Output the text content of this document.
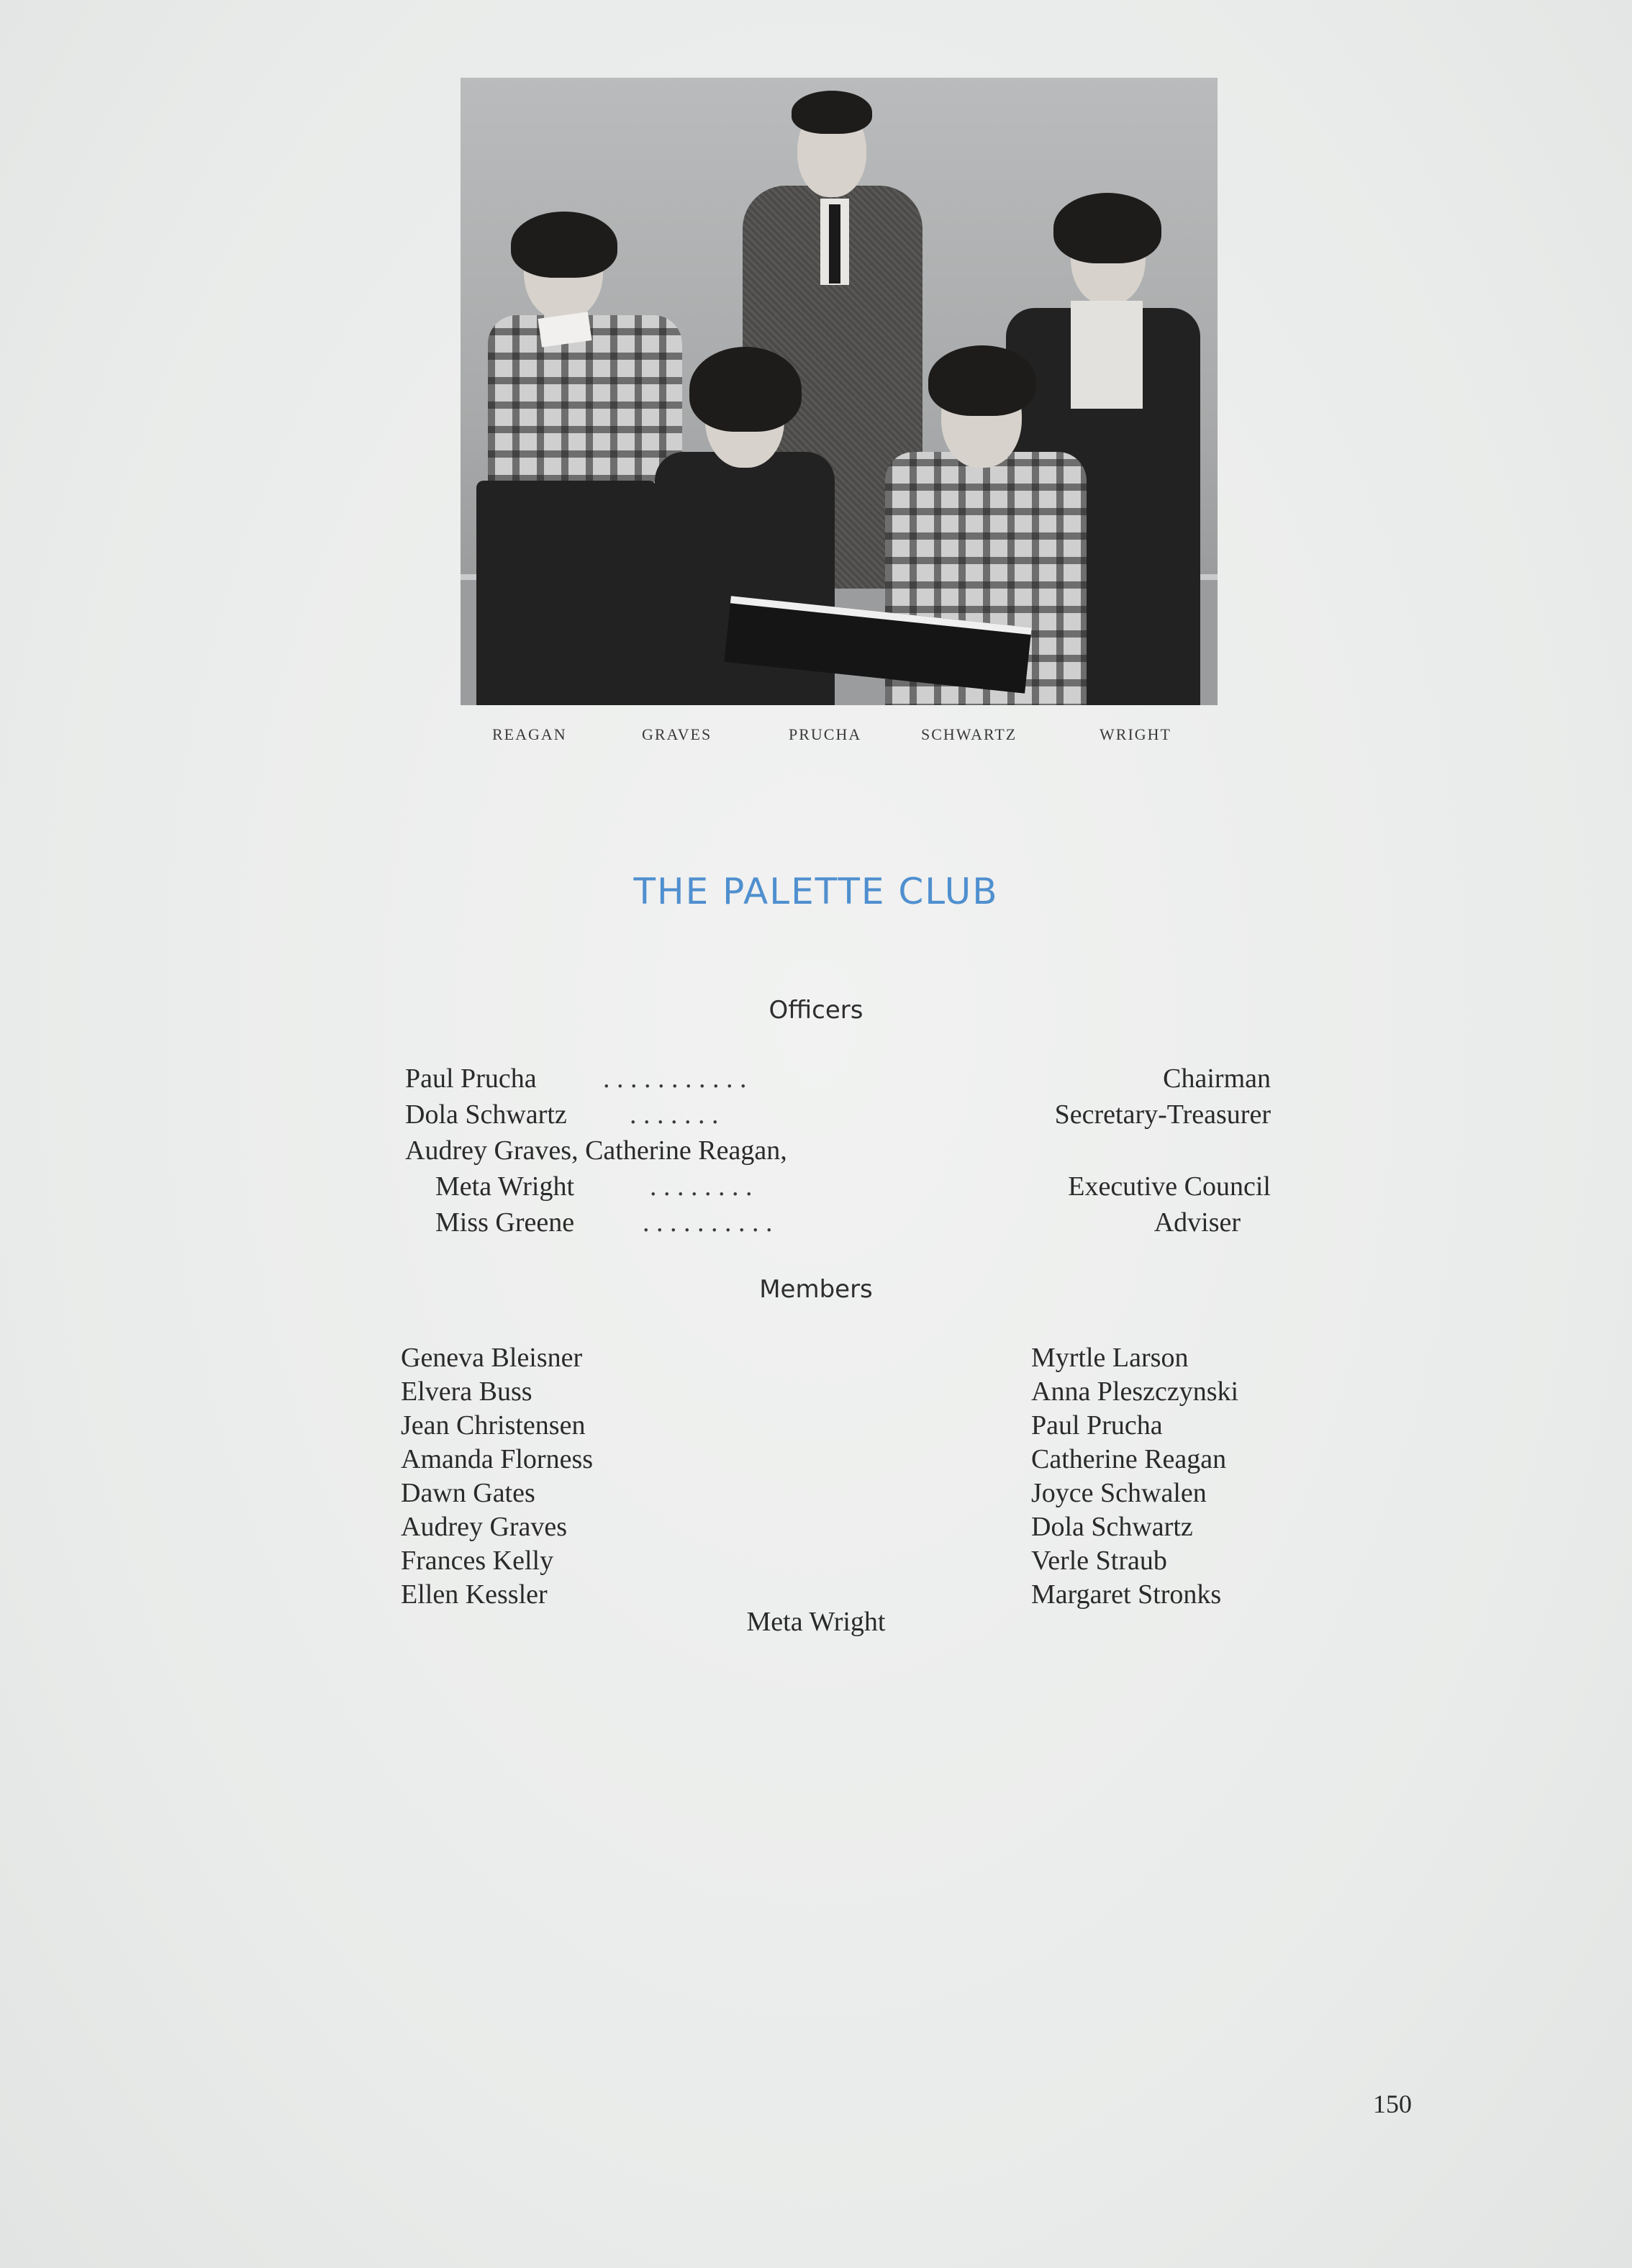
REAGAN	GRAVES	PRUCHA	SCHWARTZ	WRIGHT
THE PALETTE CLUB
Officers
Paul Prucha . . . . . . . . . . .	Chairman
Dola Schwartz . . . . . . .	Secretary-Treasurer
Audrey Graves, Catherine Reagan,
Meta Wright	. . . . . . . .	Executive Council
Miss Greene . . . . . . . . . .	Adviser
Members
Geneva Bleisner
Elvera Buss
Jean Christensen
Amanda Florness
Dawn Gates
Audrey Graves
Frances Kelly
Ellen Kessler
Myrtle Larson
Anna Pleszczynski
Paul Prucha
Catherine Reagan
Joyce Schwalen
Dola Schwartz
Verle Straub
Margaret Stronks
Meta Wright
150
